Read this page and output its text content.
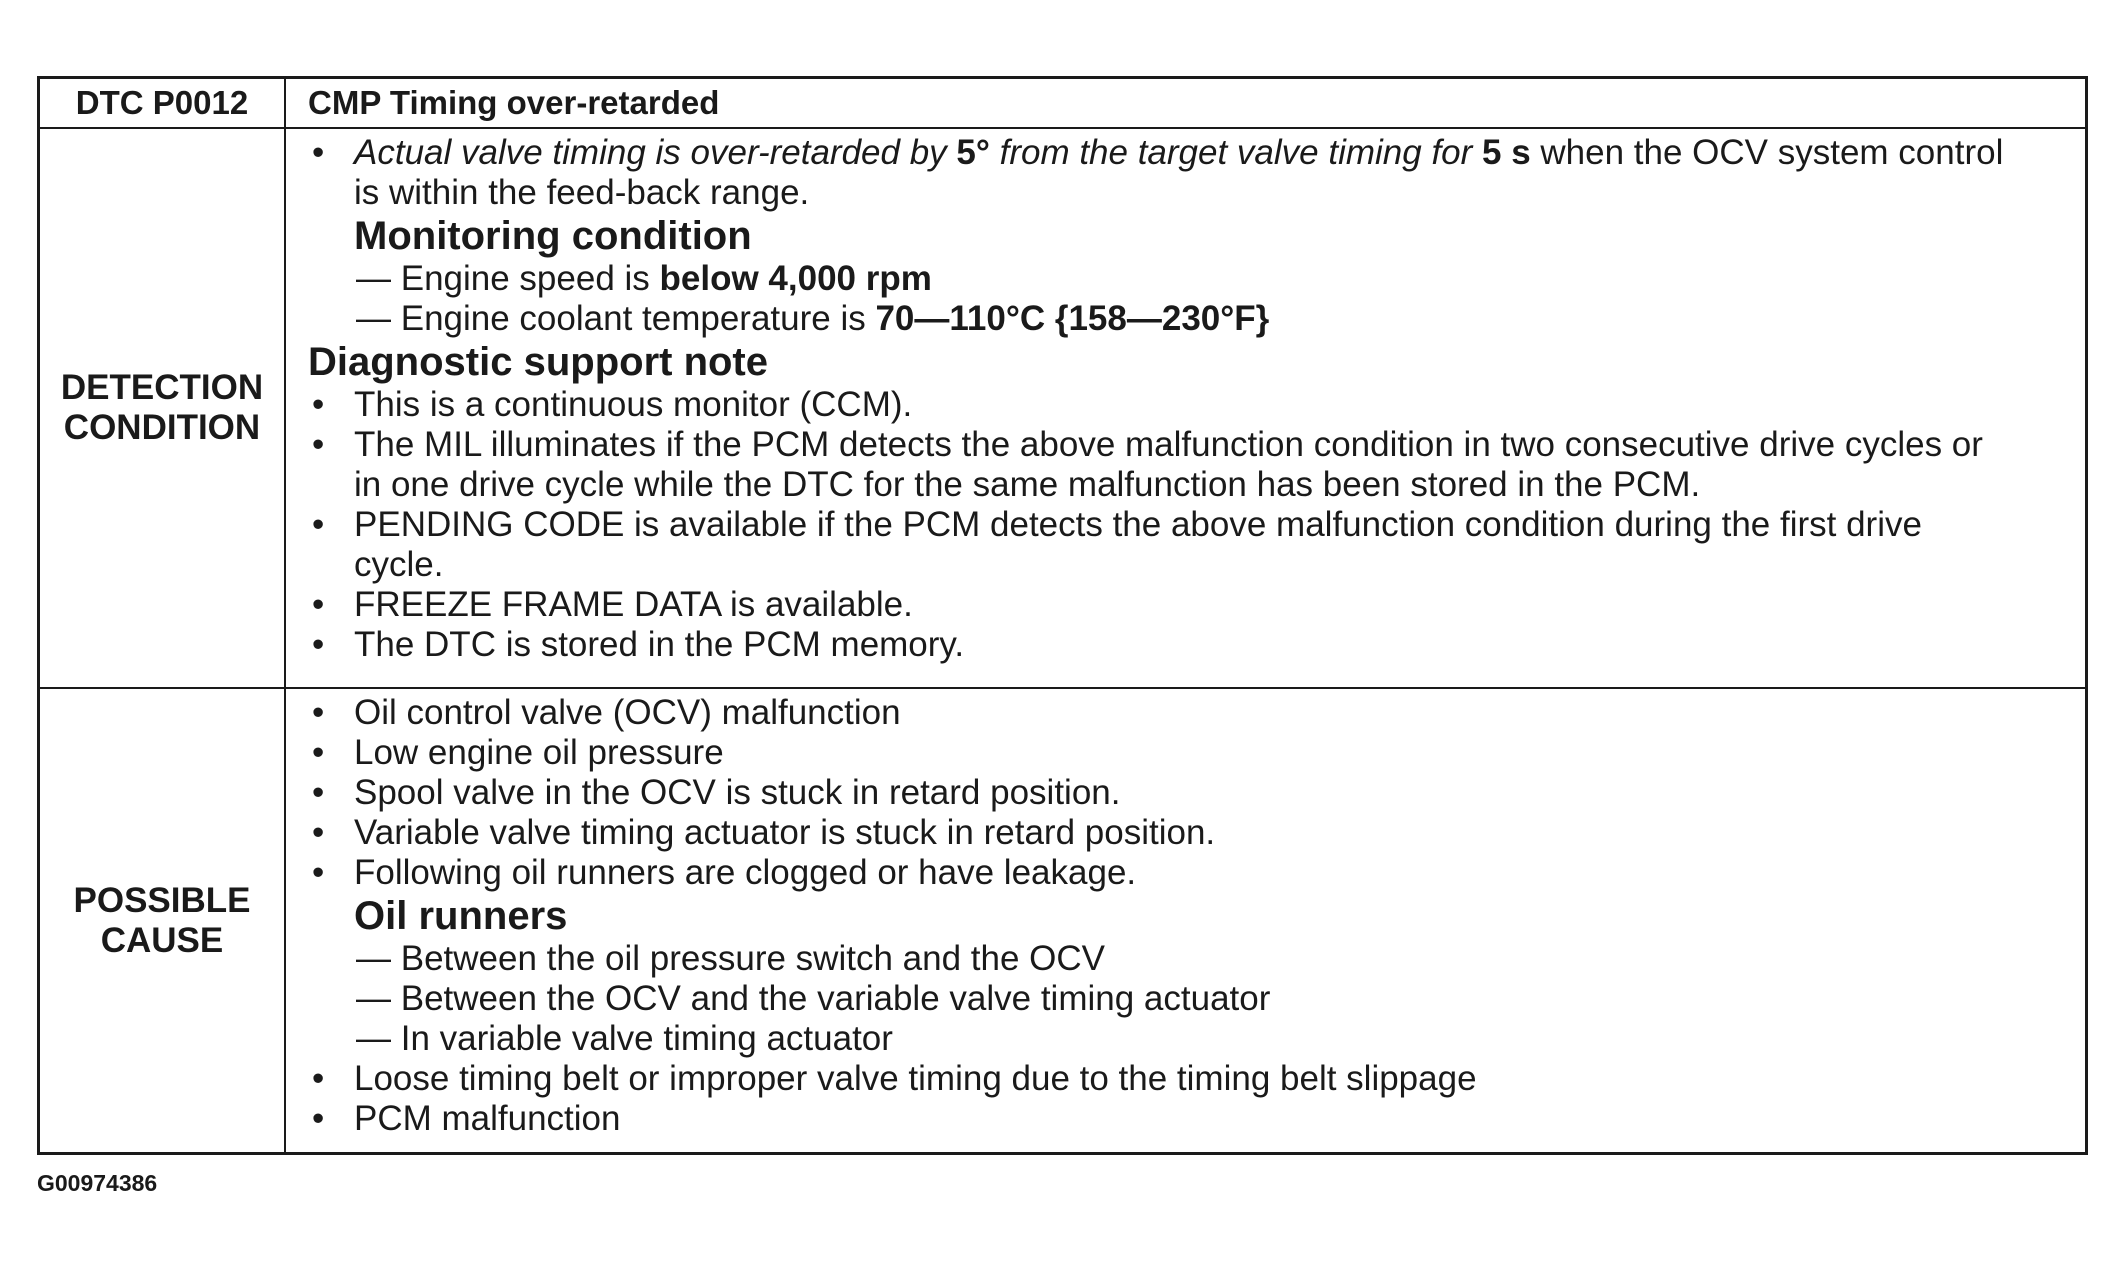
DTC P0012	CMP Timing over-retarded
DETECTION
CONDITION
• Actual valve timing is over-retarded by 5° from the target valve timing for 5 s when the OCV system control
is within the feed-back range.
Monitoring condition
— Engine speed is below 4,000 rpm
— Engine coolant temperature is 70—110°C {158—230°F}
Diagnostic support note
• This is a continuous monitor (CCM).
• The MIL illuminates if the PCM detects the above malfunction condition in two consecutive drive cycles or
in one drive cycle while the DTC for the same malfunction has been stored in the PCM.
• PENDING CODE is available if the PCM detects the above malfunction condition during the first drive
cycle.
• FREEZE FRAME DATA is available.
• The DTC is stored in the PCM memory.
POSSIBLE
CAUSE
• Oil control valve (OCV) malfunction
• Low engine oil pressure
• Spool valve in the OCV is stuck in retard position.
• Variable valve timing actuator is stuck in retard position.
• Following oil runners are clogged or have leakage.
Oil runners
— Between the oil pressure switch and the OCV
— Between the OCV and the variable valve timing actuator
— In variable valve timing actuator
• Loose timing belt or improper valve timing due to the timing belt slippage
• PCM malfunction
G00974386
